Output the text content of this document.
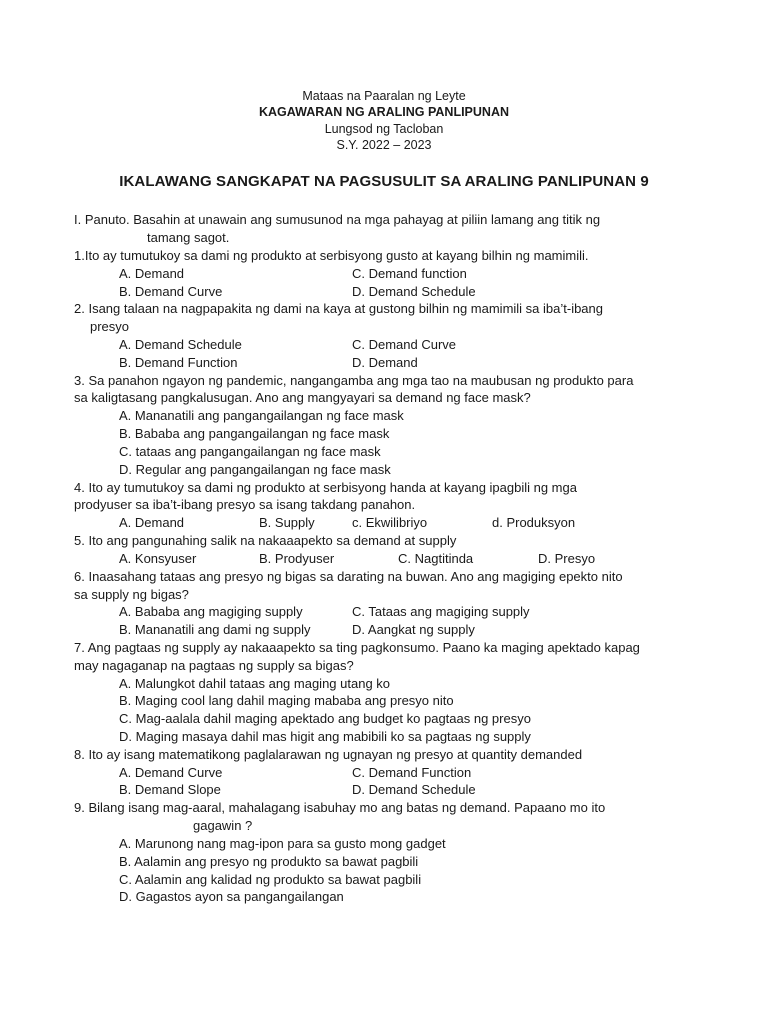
Mataas na Paaralan ng Leyte
KAGAWARAN NG ARALING PANLIPUNAN
Lungsod ng Tacloban
S.Y. 2022 – 2023
IKALAWANG SANGKAPAT NA PAGSUSULIT SA ARALING PANLIPUNAN 9
I. Panuto. Basahin at unawain ang sumusunod na mga pahayag at piliin lamang ang titik ng
tamang sagot.
1.Ito ay tumutukoy sa dami ng produkto at serbisyong gusto at kayang bilhin ng mamimili.
A. Demand	C. Demand function
B. Demand Curve	D. Demand Schedule
2. Isang talaan na nagpapakita ng dami na kaya at gustong bilhin ng mamimili sa iba’t-ibang
presyo
A. Demand Schedule	C. Demand Curve
B. Demand Function	D. Demand
3. Sa panahon ngayon ng pandemic, nangangamba ang mga tao na maubusan ng produkto para
sa kaligtasang pangkalusugan. Ano ang mangyayari sa demand ng face mask?
A. Mananatili ang pangangailangan ng face mask
B. Bababa ang pangangailangan ng face mask
C. tataas ang pangangailangan ng face mask
D. Regular ang pangangailangan ng face mask
4. Ito ay tumutukoy sa dami ng produkto at serbisyong handa at kayang ipagbili ng mga
prodyuser sa iba’t-ibang presyo sa isang takdang panahon.
A. Demand	B. Supply	c. Ekwilibriyo	d. Produksyon
5. Ito ang pangunahing salik na nakaaapekto sa demand at supply
A. Konsyuser	B. Prodyuser	C. Nagtitinda	D. Presyo
6. Inaasahang tataas ang presyo ng bigas sa darating na buwan. Ano ang magiging epekto nito
sa supply ng bigas?
A. Bababa ang magiging supply	C. Tataas ang magiging supply
B. Mananatili ang dami ng supply	D. Aangkat ng supply
7. Ang pagtaas ng supply ay nakaaapekto sa ting pagkonsumo. Paano ka maging apektado kapag
may nagaganap na pagtaas ng supply sa bigas?
A. Malungkot dahil tataas ang maging utang ko
B. Maging cool lang dahil maging mababa ang presyo nito
C. Mag-aalala dahil maging apektado ang budget ko pagtaas ng presyo
D. Maging masaya dahil mas higit ang mabibili ko sa pagtaas ng supply
8. Ito ay isang matematikong paglalarawan ng ugnayan ng presyo at quantity demanded
A. Demand Curve	C. Demand Function
B. Demand Slope	D. Demand Schedule
9. Bilang isang mag-aaral, mahalagang isabuhay mo ang batas ng demand. Papaano mo ito
gagawin ?
A. Marunong nang mag-ipon para sa gusto mong gadget
B. Aalamin ang presyo ng produkto sa bawat pagbili
C. Aalamin ang kalidad ng produkto sa bawat pagbili
D. Gagastos ayon sa pangangailangan
